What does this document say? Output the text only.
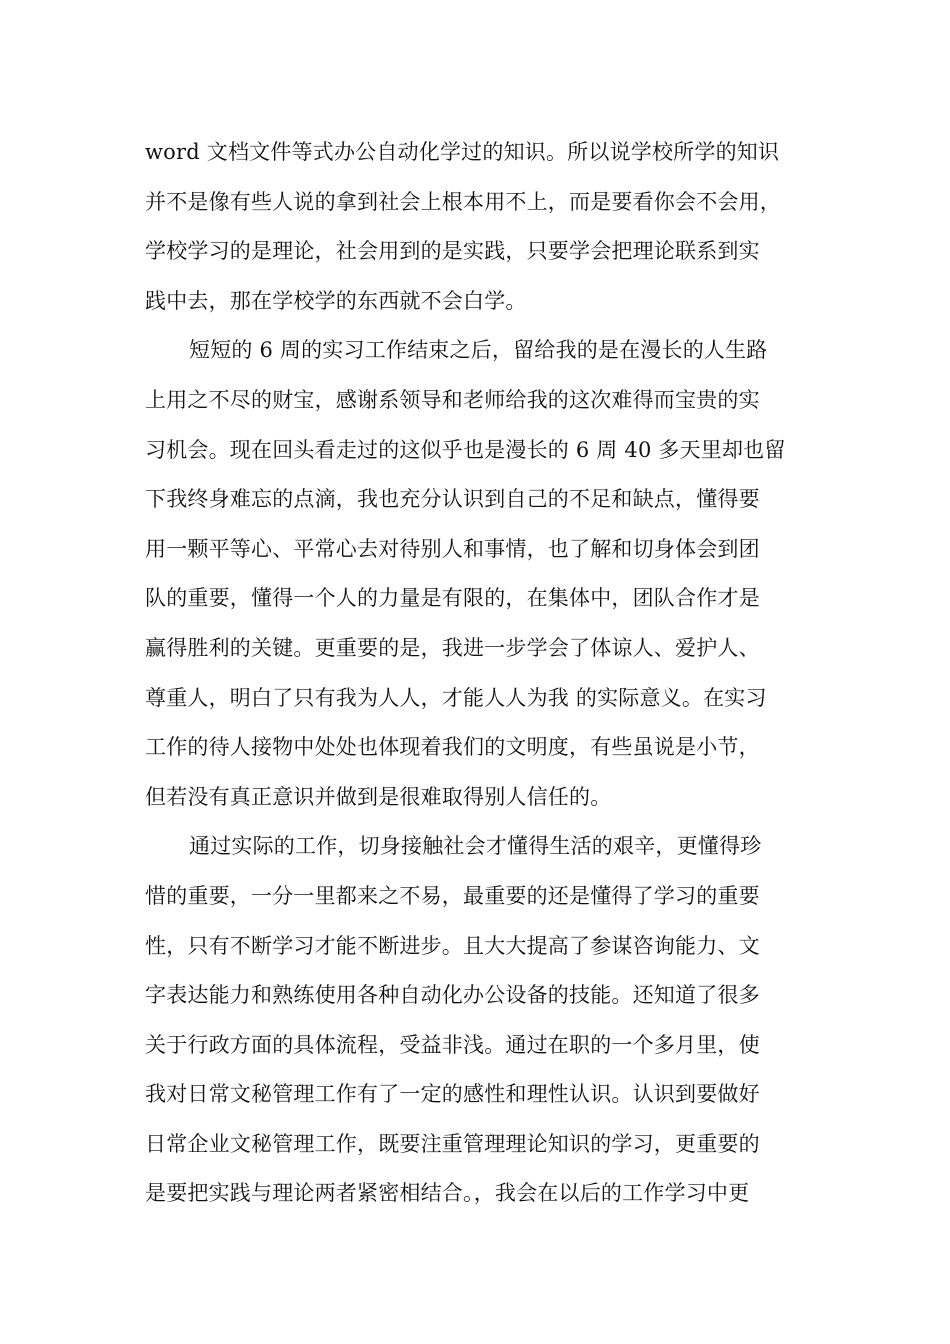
word 文档文件等式办公自动化学过的知识。所以说学校所学的知识
并不是像有些人说的拿到社会上根本用不上，而是要看你会不会用，
学校学习的是理论，社会用到的是实践，只要学会把理论联系到实
践中去，那在学校学的东西就不会白学。
短短的 6 周的实习工作结束之后，留给我的是在漫长的人生路
上用之不尽的财宝，感谢系领导和老师给我的这次难得而宝贵的实
习机会。现在回头看走过的这似乎也是漫长的 6 周 40 多天里却也留
下我终身难忘的点滴，我也充分认识到自己的不足和缺点，懂得要
用一颗平等心、平常心去对待别人和事情，也了解和切身体会到团
队的重要，懂得一个人的力量是有限的，在集体中，团队合作才是
赢得胜利的关键。更重要的是，我进一步学会了体谅人、爱护人、
尊重人，明白了只有我为人人，才能人人为我 的实际意义。在实习
工作的待人接物中处处也体现着我们的文明度，有些虽说是小节，
但若没有真正意识并做到是很难取得别人信任的。
通过实际的工作，切身接触社会才懂得生活的艰辛，更懂得珍
惜的重要，一分一里都来之不易，最重要的还是懂得了学习的重要
性，只有不断学习才能不断进步。且大大提高了参谋咨询能力、文
字表达能力和熟练使用各种自动化办公设备的技能。还知道了很多
关于行政方面的具体流程，受益非浅。通过在职的一个多月里，使
我对日常文秘管理工作有了一定的感性和理性认识。认识到要做好
日常企业文秘管理工作，既要注重管理理论知识的学习，更重要的
是要把实践与理论两者紧密相结合。，我会在以后的工作学习中更
